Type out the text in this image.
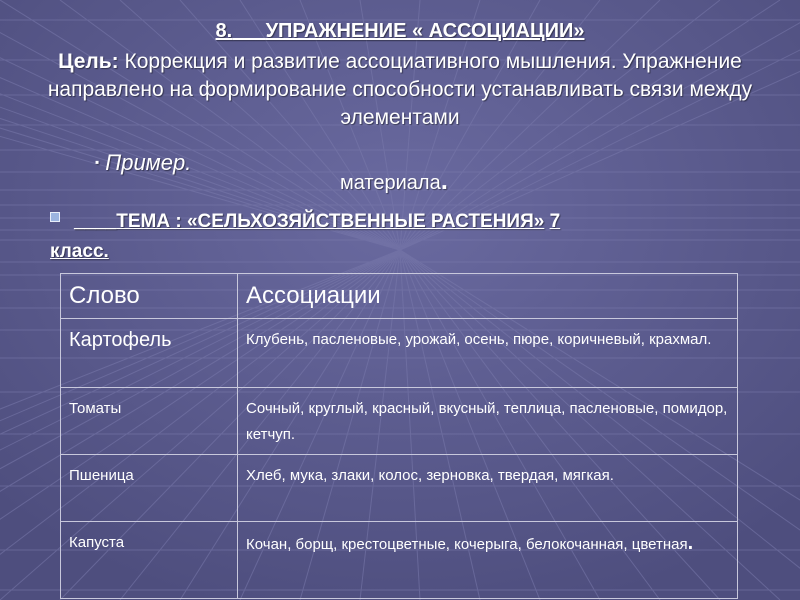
8. УПРАЖНЕНИЕ « АССОЦИАЦИИ»
Цель: Коррекция и развитие ассоциативного мышления. Упражнение направлено на формирование способности устанавливать связи между элементами
▪ Пример.
материала.
____ТЕМА : «СЕЛЬХОЗЯЙСТВЕННЫЕ РАСТЕНИЯ» 7
класс.
Слово	Ассоциации
Картофель	Клубень, пасленовые, урожай, осень, пюре, коричневый, крахмал.
Томаты	Сочный, круглый, красный, вкусный, теплица, пасленовые, помидор, кетчуп.
Пшеница	Хлеб, мука, злаки, колос, зерновка, твердая, мягкая.
Капуста	Кочан, борщ, крестоцветные, кочерыга, белокочанная, цветная.
